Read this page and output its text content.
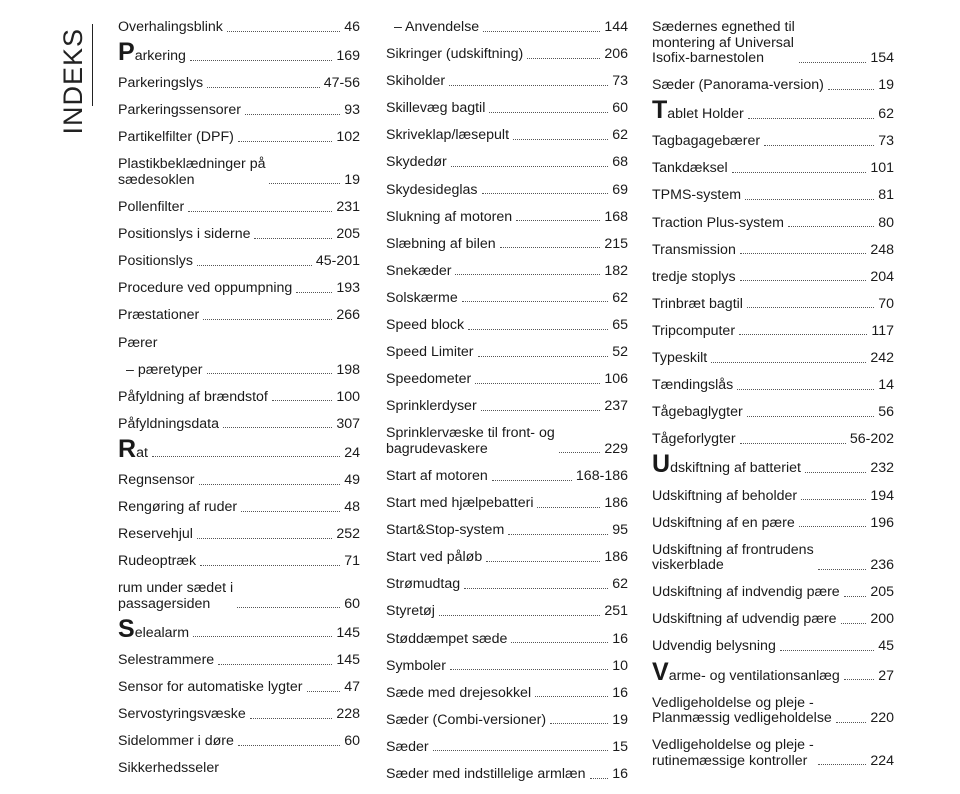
INDEKS
Overhalingsblink	46
Parkering	169
Parkeringslys	47-56
Parkeringssensorer	93
Partikelfilter (DPF)	102
Plastikbeklædninger på
sædesoklen	19
Pollenfilter	231
Positionslys i siderne	205
Positionslys	45-201
Procedure ved oppumpning	193
Præstationer	266
Pærer
– pæretyper	198
Påfyldning af brændstof	100
Påfyldningsdata	307
Rat	24
Regnsensor	49
Rengøring af ruder	48
Reservehjul	252
Rudeoptræk	71
rum under sædet i
passagersiden	60
Selealarm	145
Selestrammere	145
Sensor for automatiske lygter	47
Servostyringsvæske	228
Sidelommer i døre	60
Sikkerhedsseler
– Anvendelse	144
Sikringer (udskiftning)	206
Skiholder	73
Skillevæg bagtil	60
Skriveklap/læsepult	62
Skydedør	68
Skydesideglas	69
Slukning af motoren	168
Slæbning af bilen	215
Snekæder	182
Solskærme	62
Speed block	65
Speed Limiter	52
Speedometer	106
Sprinklerdyser	237
Sprinklervæske til front- og
bagrudevaskere	229
Start af motoren	168-186
Start med hjælpebatteri	186
Start&Stop-system	95
Start ved påløb	186
Strømudtag	62
Styretøj	251
Støddæmpet sæde	16
Symboler	10
Sæde med drejesokkel	16
Sæder (Combi-versioner)	19
Sæder	15
Sæder med indstillelige armlæn 16
Sædernes egnethed til
montering af Universal
Isofix-barnestolen	154
Sæder (Panorama-version)	19
Tablet Holder	62
Tagbagagebærer	73
Tankdæksel	101
TPMS-system	81
Traction Plus-system	80
Transmission	248
tredje stoplys	204
Trinbræt bagtil	70
Tripcomputer	117
Typeskilt	242
Tændingslås	14
Tågebaglygter	56
Tågeforlygter	56-202
Udskiftning af batteriet	232
Udskiftning af beholder	194
Udskiftning af en pære	196
Udskiftning af frontrudens
viskerblade	236
Udskiftning af indvendig pære 205
Udskiftning af udvendig pære 200
Udvendig belysning	45
Varme- og ventilationsanlæg	27
Vedligeholdelse og pleje -
Planmæssig vedligeholdelse	220
Vedligeholdelse og pleje -
rutinemæssige kontroller	224
